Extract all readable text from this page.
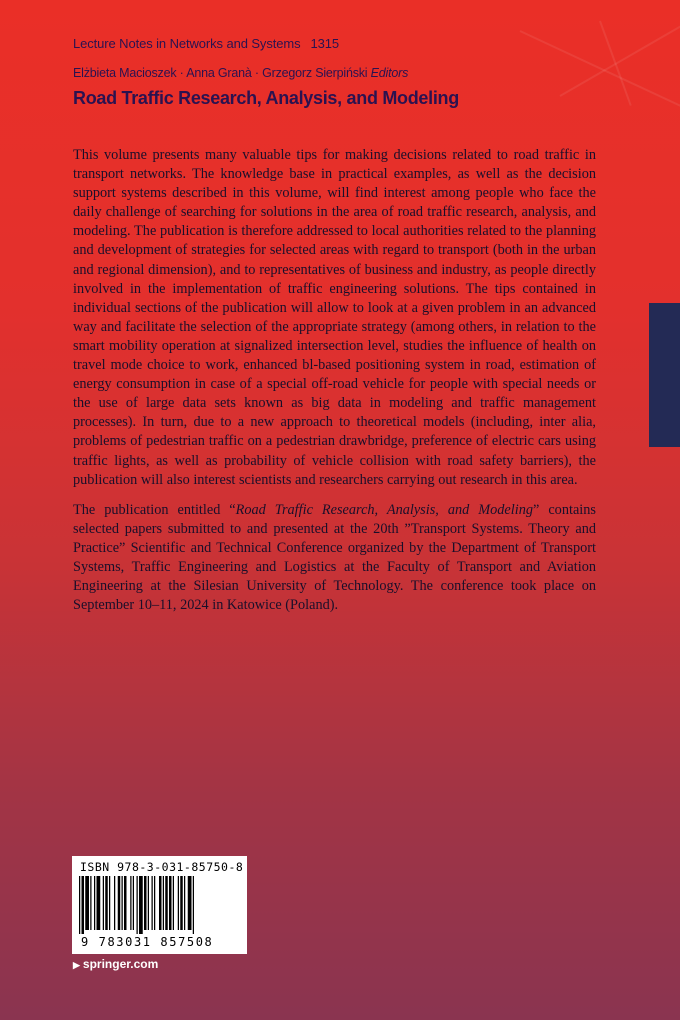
Lecture Notes in Networks and Systems 1315
Elżbieta Macioszek · Anna Granà · Grzegorz Sierpiński Editors
Road Traffic Research, Analysis, and Modeling

This volume presents many valuable tips for making decisions related to road traffic in transport networks. The knowledge base in practical examples, as well as the decision support systems described in this volume, will find interest among people who face the daily challenge of searching for solutions in the area of road traffic research, analysis, and modeling. The publication is therefore addressed to local authorities related to the planning and development of strategies for selected areas with regard to transport (both in the urban and regional dimension), and to representatives of business and industry, as people directly involved in the implementation of traffic engineering solutions. The tips contained in individual sections of the publication will allow to look at a given problem in an advanced way and facilitate the selection of the appropriate strategy (among others, in relation to the smart mobility operation at signalized intersection level, studies the influence of health on travel mode choice to work, enhanced bl-based positioning system in road, estimation of energy consumption in case of a special off-road vehicle for people with special needs or the use of large data sets known as big data in modeling and traffic management processes). In turn, due to a new approach to theoretical models (including, inter alia, problems of pedestrian traffic on a pedestrian drawbridge, preference of electric cars using traffic lights, as well as probability of vehicle collision with road safety barriers), the publication will also interest scientists and researchers carrying out research in this area.

The publication entitled “Road Traffic Research, Analysis, and Modeling” contains selected papers submitted to and presented at the 20th ”Transport Systems. Theory and Practice” Scientific and Technical Conference organized by the Department of Transport Systems, Traffic Engineering and Logistics at the Faculty of Transport and Aviation Engineering at the Silesian University of Technology. The conference took place on September 10–11, 2024 in Katowice (Poland).

ISBN 978-3-031-85750-8
9 783031 857508
▶ springer.com
